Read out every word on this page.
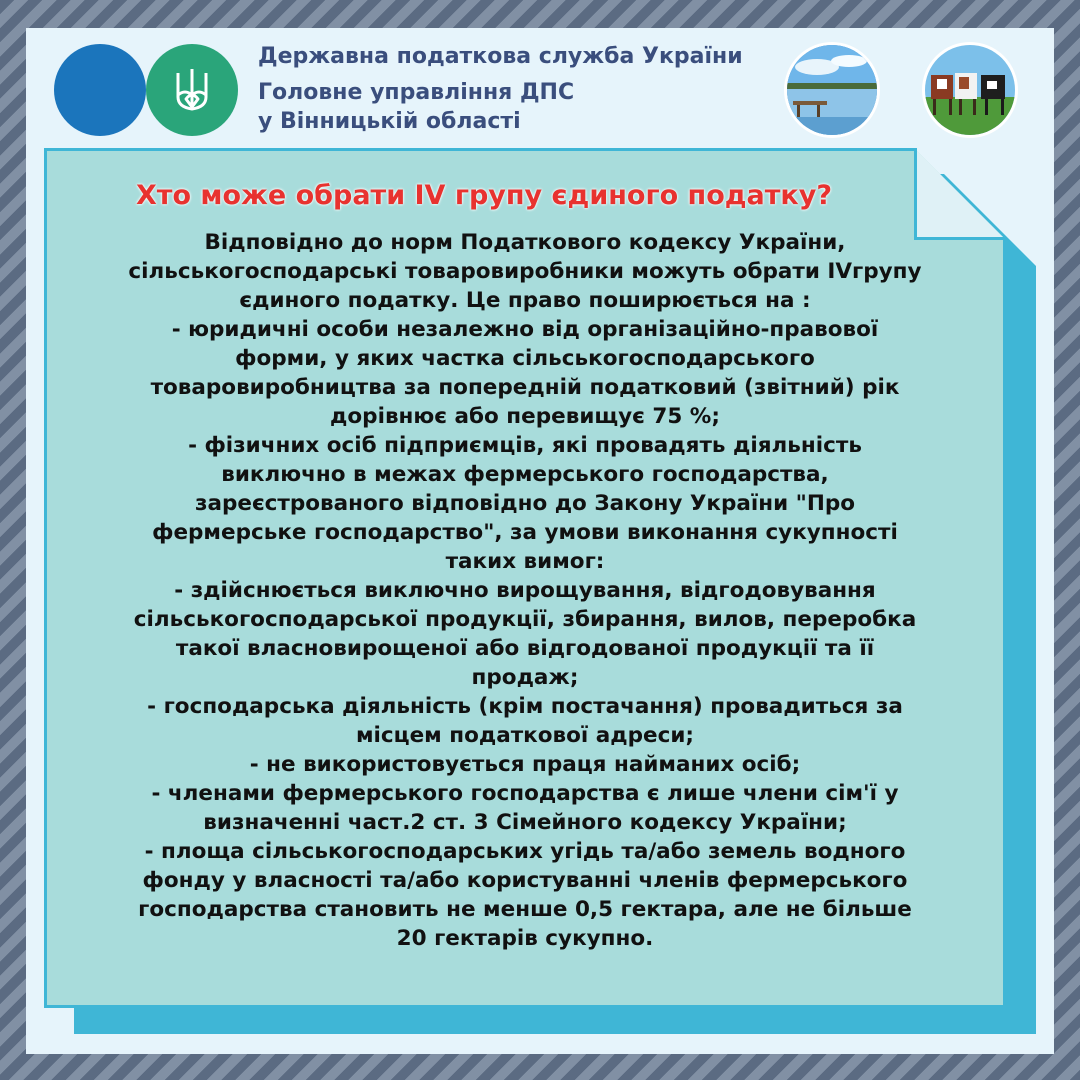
Державна податкова служба України
Головне управління ДПС
у Вінницькій області
Хто може обрати IV групу єдиного податку?
Відповідно до норм Податкового кодексу України,
сільськогосподарські товаровиробники можуть обрати IVгрупу
єдиного податку. Це право поширюється на :
- юридичні особи незалежно від організаційно-правової
форми, у яких частка сільськогосподарського
товаровиробництва за попередній податковий (звітний) рік
дорівнює або перевищує 75 %;
- фізичних осіб підприємців, які провадять діяльність
виключно в межах фермерського господарства,
зареєстрованого відповідно до Закону України "Про
фермерське господарство", за умови виконання сукупності
таких вимог:
- здійснюється виключно вирощування, відгодовування
сільськогосподарської продукції, збирання, вилов, переробка
такої власновирощеної або відгодованої продукції та її
продаж;
- господарська діяльність (крім постачання) провадиться за
місцем податкової адреси;
- не використовується праця найманих осіб;
- членами фермерського господарства є лише члени сім'ї у
визначенні част.2 ст. 3 Сімейного кодексу України;
- площа сільськогосподарських угідь та/або земель водного
фонду у власності та/або користуванні членів фермерського
господарства становить не менше 0,5 гектара, але не більше
20 гектарів сукупно.
